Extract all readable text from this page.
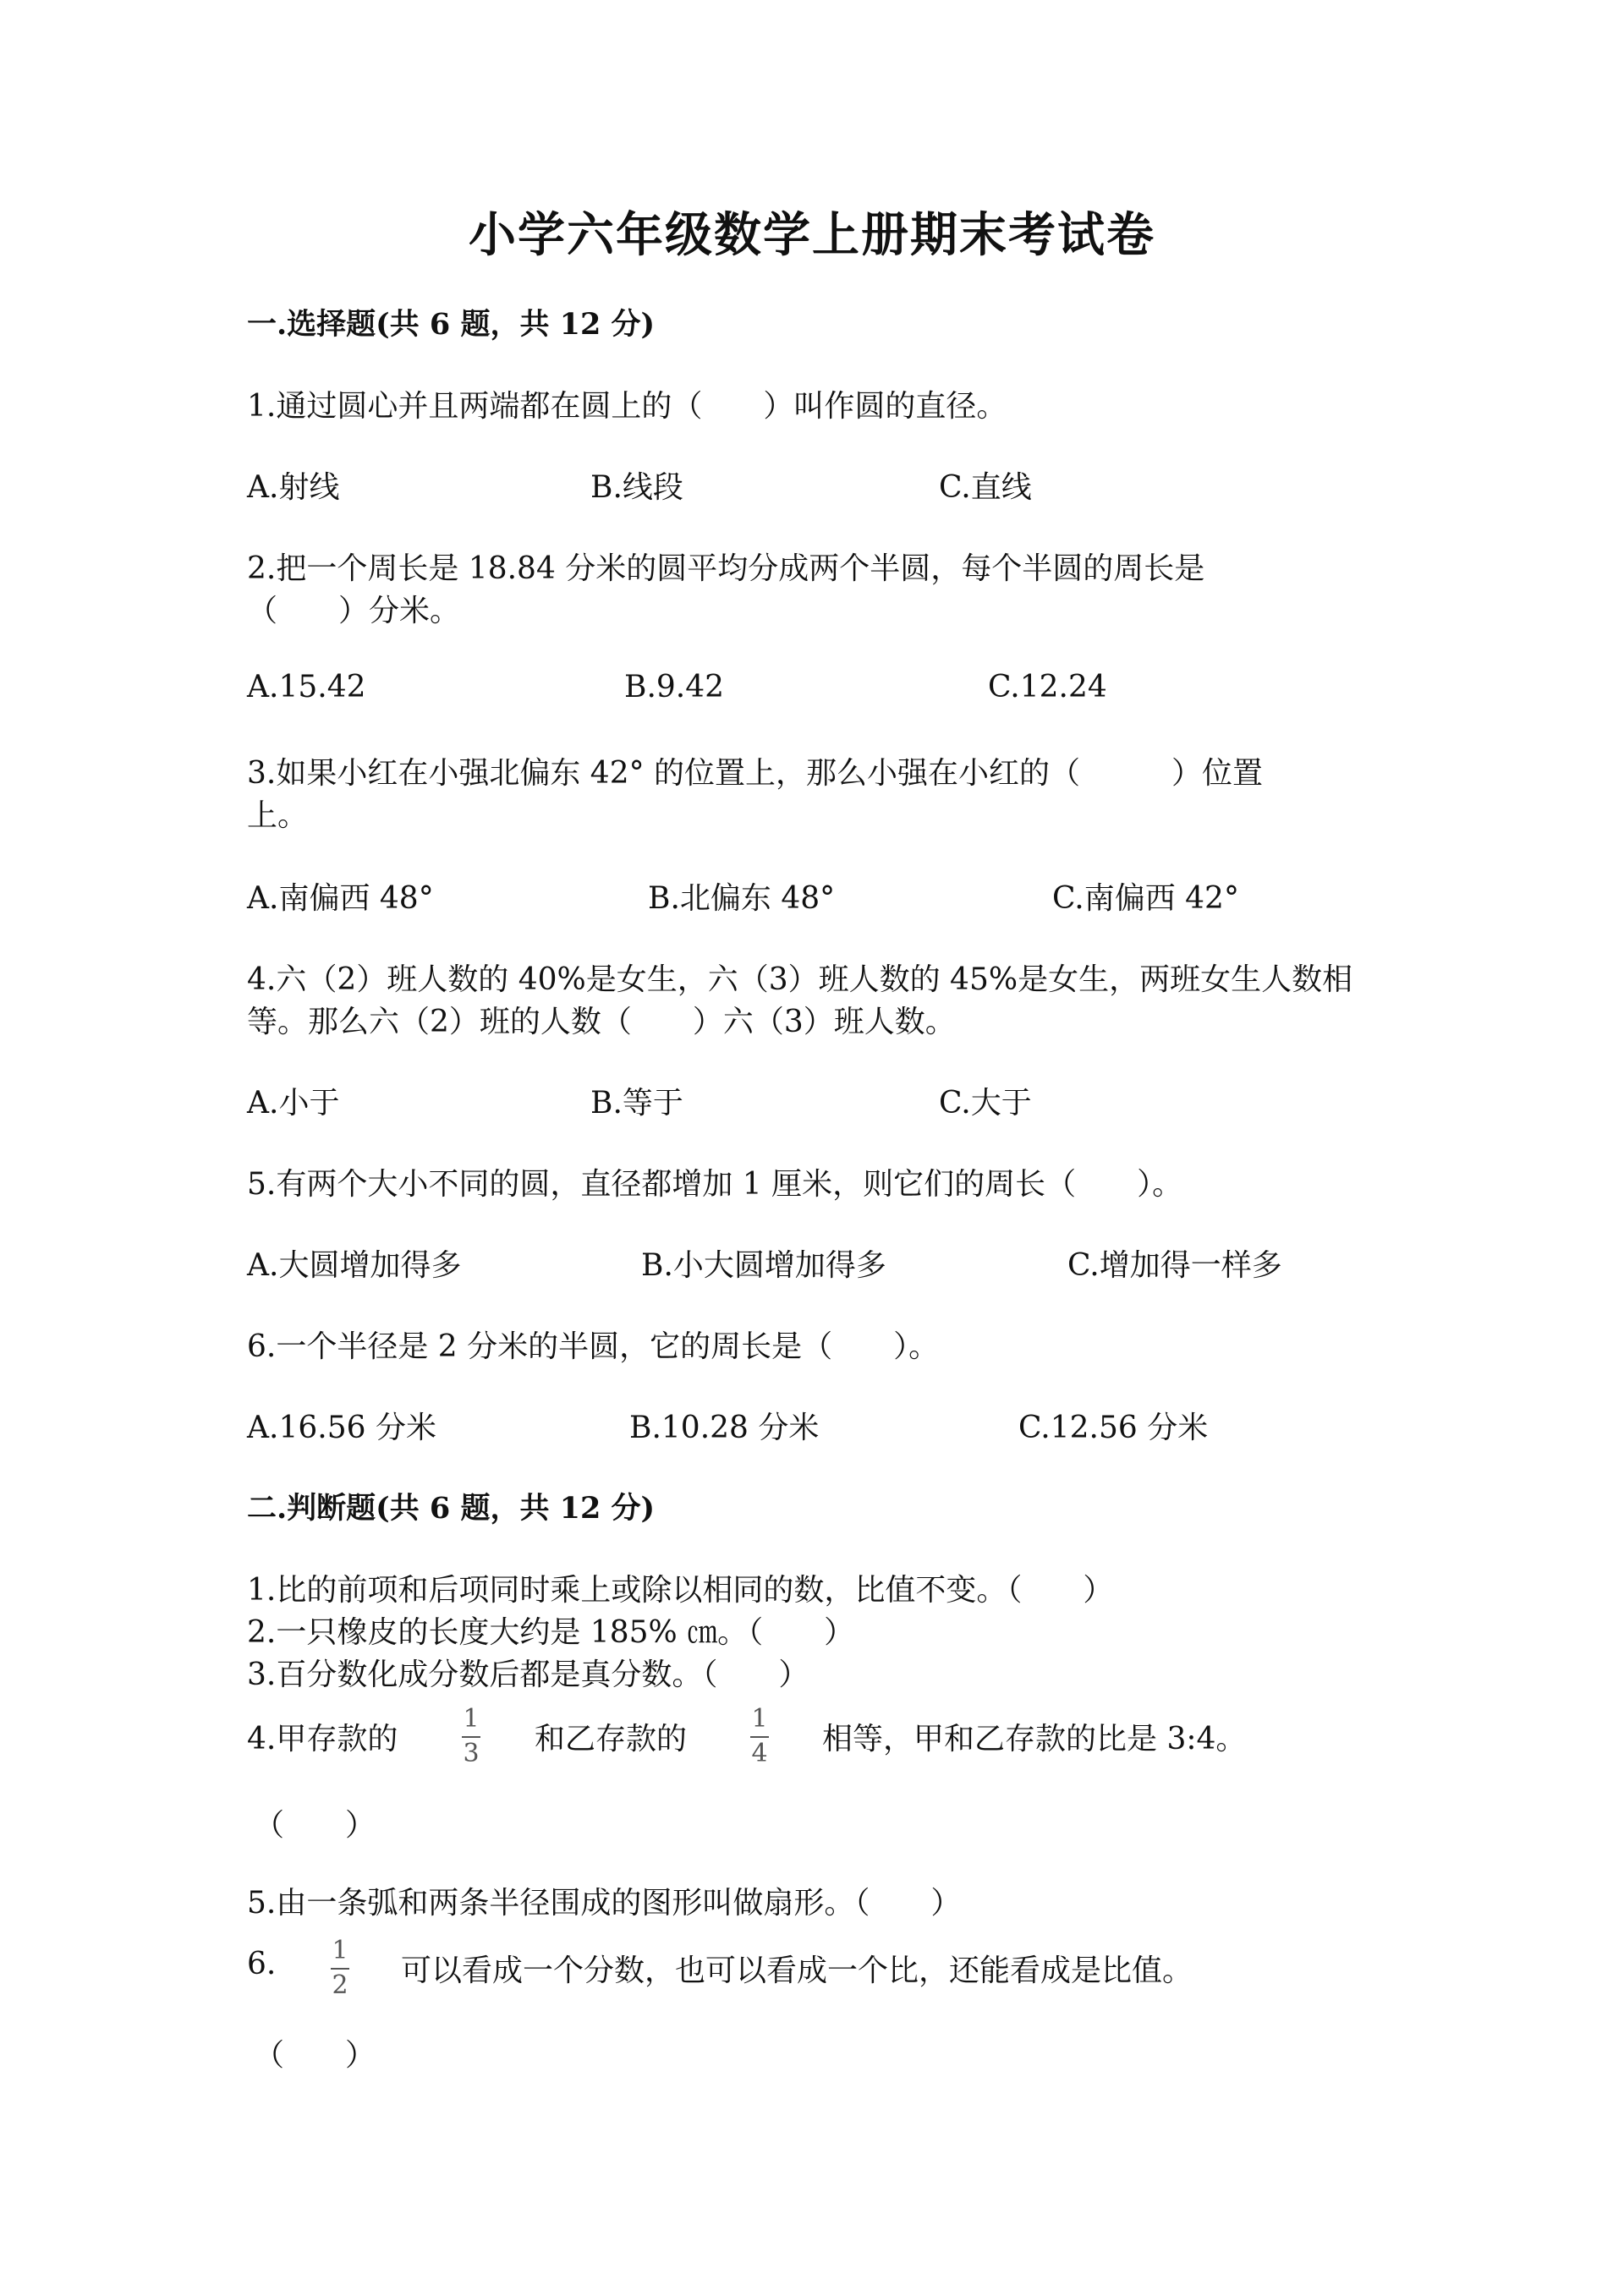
小学六年级数学上册期末考试卷
一.选择题(共 6 题，共 12 分)
1.通过圆心并且两端都在圆上的（　　）叫作圆的直径。
A.射线	B.线段	C.直线
2.把一个周长是 18.84 分米的圆平均分成两个半圆，每个半圆的周长是
（　　）分米。
A.15.42	B.9.42	C.12.24
3.如果小红在小强北偏东 42° 的位置上，那么小强在小红的（　　　）位置
上。
A.南偏西 48°	B.北偏东 48°	C.南偏西 42°
4.六（2）班人数的 40%是女生，六（3）班人数的 45%是女生，两班女生人数相
等。那么六（2）班的人数（　　）六（3）班人数。
A.小于	B.等于	C.大于
5.有两个大小不同的圆，直径都增加 1 厘米，则它们的周长（　　）。
A.大圆增加得多	B.小大圆增加得多	C.增加得一样多
6.一个半径是 2 分米的半圆，它的周长是（　　）。
A.16.56 分米	B.10.28 分米	C.12.56 分米
二.判断题(共 6 题，共 12 分)
1.比的前项和后项同时乘上或除以相同的数，比值不变。（　　）
2.一只橡皮的长度大约是 185% ㎝。（　　）
3.百分数化成分数后都是真分数。（　　）
4.甲存款的	$\frac{1}{3}$ 和乙存款的 $\frac{1}{4}$ 相等，甲和乙存款的比是 3:4。
（　　）
5.由一条弧和两条半径围成的图形叫做扇形。（　　）
6. $\frac{1}{2}$ 可以看成一个分数，也可以看成一个比，还能看成是比值。
（　　）
